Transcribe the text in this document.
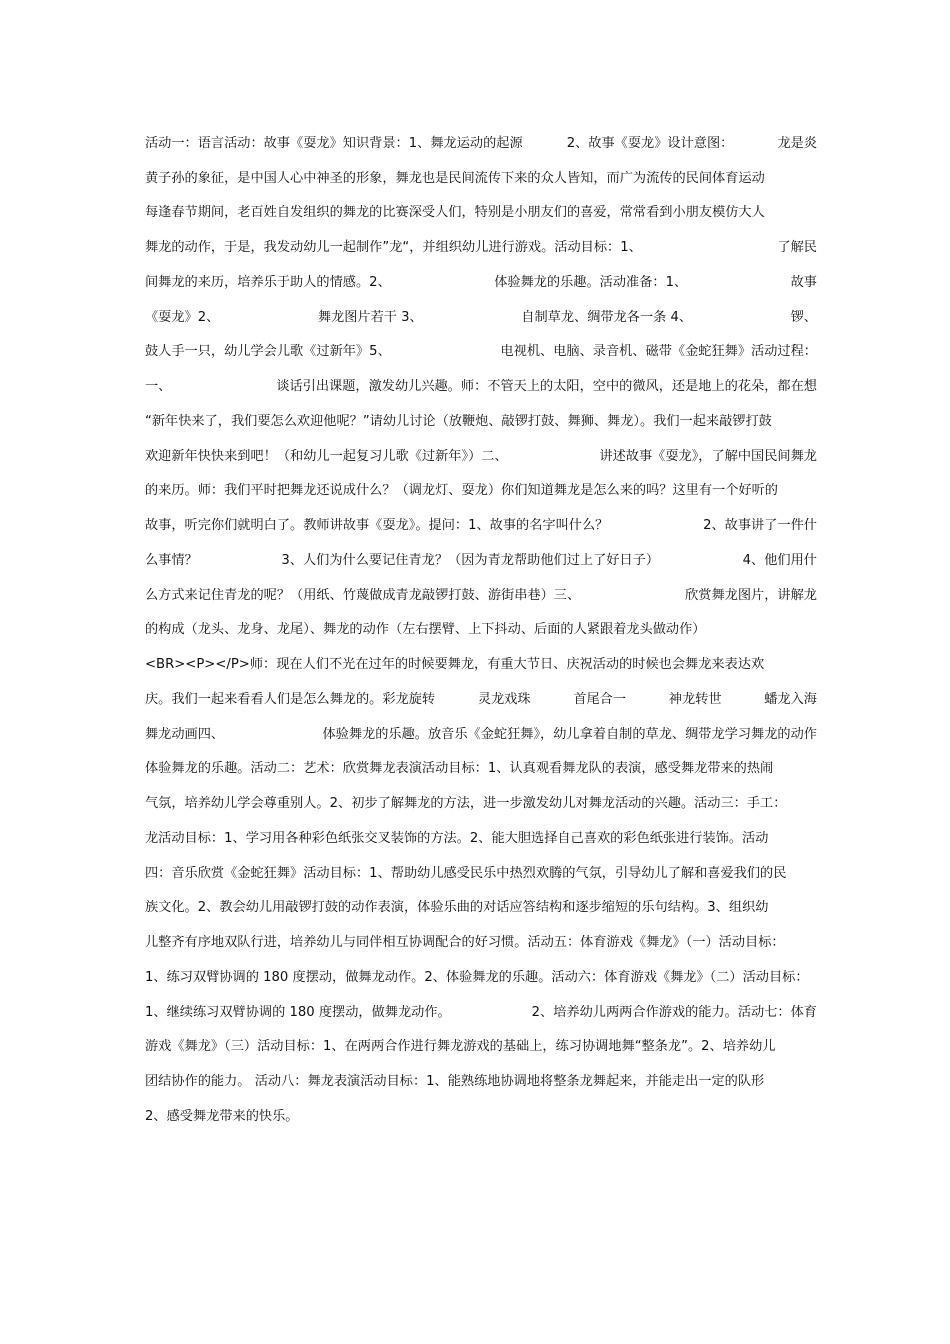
活动一：语言活动：故事《耍龙》知识背景：1、舞龙运动的起源	2、故事《耍龙》设计意图：	龙是炎
黄子孙的象征，是中国人心中神圣的形象，舞龙也是民间流传下来的众人皆知，而广为流传的民间体育运动
每逢春节期间，老百姓自发组织的舞龙的比赛深受人们，特别是小朋友们的喜爱，常常看到小朋友模仿大人
舞龙的动作，于是，我发动幼儿一起制作”龙“，并组织幼儿进行游戏。活动目标：1、	了解民
间舞龙的来历，培养乐于助人的情感。2、	体验舞龙的乐趣。活动准备：1、	故事
《耍龙》2、	舞龙图片若干 3、	自制草龙、绸带龙各一条 4、	锣、
鼓人手一只，幼儿学会儿歌《过新年》5、	电视机、电脑、录音机、磁带《金蛇狂舞》活动过程：
一、	谈话引出课题，激发幼儿兴趣。师：不管天上的太阳，空中的微风，还是地上的花朵，都在想
“新年快来了，我们要怎么欢迎他呢？”请幼儿讨论（放鞭炮、敲锣打鼓、舞狮、舞龙）。我们一起来敲锣打鼓
欢迎新年快快来到吧！（和幼儿一起复习儿歌《过新年》）二、	讲述故事《耍龙》，了解中国民间舞龙
的来历。师：我们平时把舞龙还说成什么？（调龙灯、耍龙）你们知道舞龙是怎么来的吗？这里有一个好听的
故事，听完你们就明白了。教师讲故事《耍龙》。提问：1、故事的名字叫什么？	2、故事讲了一件什
么事情？	3、人们为什么要记住青龙？（因为青龙帮助他们过上了好日子）	4、他们用什
么方式来记住青龙的呢？（用纸、竹蔑做成青龙敲锣打鼓、游街串巷）三、	欣赏舞龙图片，讲解龙
的构成（龙头、龙身、龙尾）、舞龙的动作（左右摆臂、上下抖动、后面的人紧跟着龙头做动作）
<BR><P></P>师：现在人们不光在过年的时候要舞龙，有重大节日、庆祝活动的时候也会舞龙来表达欢
庆。我们一起来看看人们是怎么舞龙的。彩龙旋转	灵龙戏珠	首尾合一	神龙转世	蟠龙入海
舞龙动画四、	体验舞龙的乐趣。放音乐《金蛇狂舞》，幼儿拿着自制的草龙、绸带龙学习舞龙的动作
体验舞龙的乐趣。活动二：艺术：欣赏舞龙表演活动目标：1、认真观看舞龙队的表演，感受舞龙带来的热闹
气氛，培养幼儿学会尊重别人。2、初步了解舞龙的方法，进一步激发幼儿对舞龙活动的兴趣。活动三：手工：
龙活动目标：1、学习用各种彩色纸张交叉装饰的方法。2、能大胆选择自己喜欢的彩色纸张进行装饰。活动
四：音乐欣赏《金蛇狂舞》活动目标：1、帮助幼儿感受民乐中热烈欢腾的气氛，引导幼儿了解和喜爱我们的民
族文化。2、教会幼儿用敲锣打鼓的动作表演，体验乐曲的对话应答结构和逐步缩短的乐句结构。3、组织幼
儿整齐有序地双队行进，培养幼儿与同伴相互协调配合的好习惯。活动五：体育游戏《舞龙》（一）活动目标：
1、练习双臂协调的 180 度摆动，做舞龙动作。2、体验舞龙的乐趣。活动六：体育游戏《舞龙》（二）活动目标：
1、继续练习双臂协调的 180 度摆动，做舞龙动作。	2、培养幼儿两两合作游戏的能力。活动七：体育
游戏《舞龙》（三）活动目标：1、在两两合作进行舞龙游戏的基础上，练习协调地舞“整条龙”。2、培养幼儿
团结协作的能力。 活动八：舞龙表演活动目标：1、能熟练地协调地将整条龙舞起来，并能走出一定的队形
2、感受舞龙带来的快乐。
